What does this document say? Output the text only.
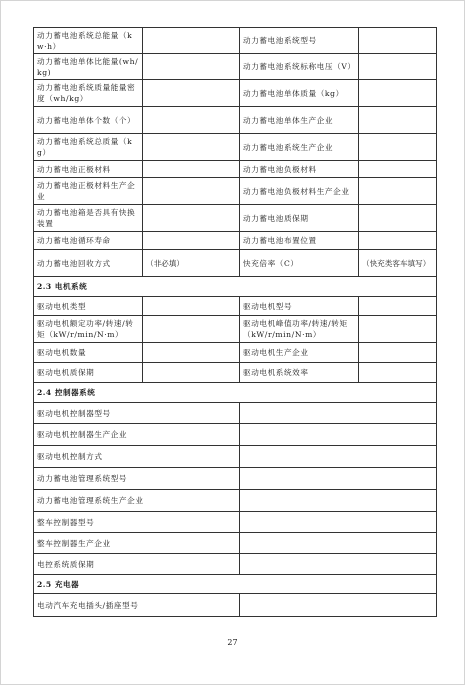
动力蓄电池系统总能量（kw·h）		动力蓄电池系统型号	
动力蓄电池单体比能量(wh/kg)		动力蓄电池系统标称电压（V）	
动力蓄电池系统质量能量密度（wh/kg）		动力蓄电池单体质量（kg）	
动力蓄电池单体个数（个）		动力蓄电池单体生产企业	
动力蓄电池系统总质量（kg）		动力蓄电池系统生产企业	
动力蓄电池正极材料		动力蓄电池负极材料	
动力蓄电池正极材料生产企业		动力蓄电池负极材料生产企业	
动力蓄电池箱是否具有快换装置		动力蓄电池质保期	
动力蓄电池循环寿命		动力蓄电池布置位置	
动力蓄电池回收方式	（非必填）	快充倍率（C）	（快充类客车填写）
2.3 电机系统			
驱动电机类型		驱动电机型号	
驱动电机额定功率/转速/转矩（kW/r/min/N·m）		驱动电机峰值功率/转速/转矩（kW/r/min/N·m）	
驱动电机数量		驱动电机生产企业	
驱动电机质保期		驱动电机系统效率	
2.4 控制器系统			
驱动电机控制器型号			
驱动电机控制器生产企业			
驱动电机控制方式			
动力蓄电池管理系统型号			
动力蓄电池管理系统生产企业			
整车控制器型号			
整车控制器生产企业			
电控系统质保期			
2.5 充电器			
电动汽车充电插头/插座型号			
27
